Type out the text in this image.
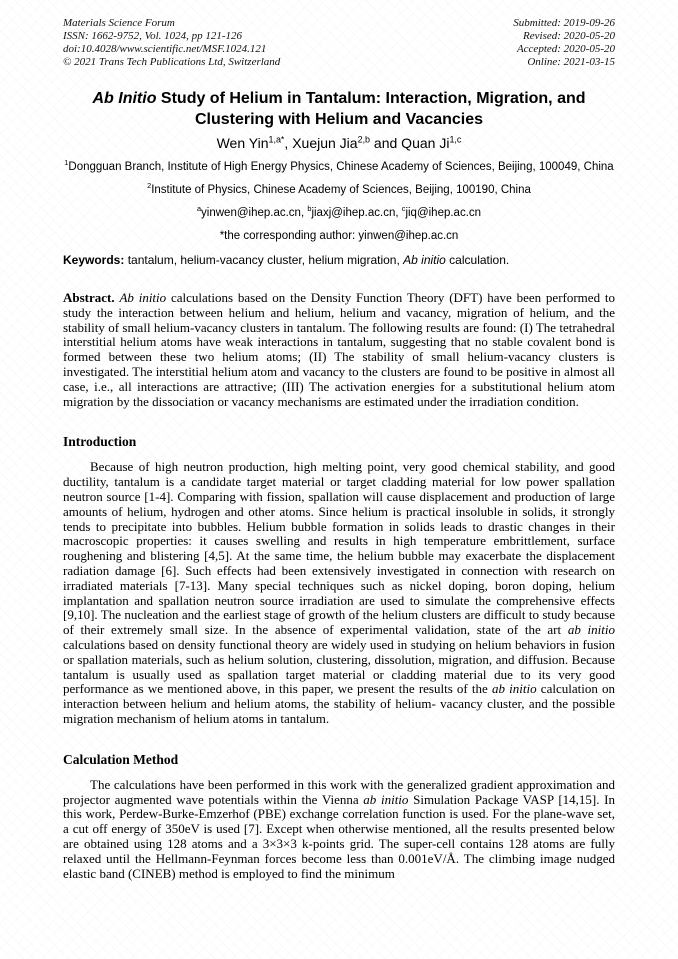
Materials Science Forum
ISSN: 1662-9752, Vol. 1024, pp 121-126
doi:10.4028/www.scientific.net/MSF.1024.121
© 2021 Trans Tech Publications Ltd, Switzerland
Submitted: 2019-09-26
Revised: 2020-05-20
Accepted: 2020-05-20
Online: 2021-03-15
Ab Initio Study of Helium in Tantalum: Interaction, Migration, and Clustering with Helium and Vacancies
Wen Yin$^{1,a*}$, Xuejun Jia$^{2,b}$ and Quan Ji$^{1,c}$
$^1$Dongguan Branch, Institute of High Energy Physics, Chinese Academy of Sciences, Beijing, 100049, China
$^2$Institute of Physics, Chinese Academy of Sciences, Beijing, 100190, China
$^a$yinwen@ihep.ac.cn, $^b$jiaxj@ihep.ac.cn, $^c$jiq@ihep.ac.cn
*the corresponding author: yinwen@ihep.ac.cn
Keywords: tantalum, helium-vacancy cluster, helium migration, Ab initio calculation.
Abstract. Ab initio calculations based on the Density Function Theory (DFT) have been performed to study the interaction between helium and helium, helium and vacancy, migration of helium, and the stability of small helium-vacancy clusters in tantalum. The following results are found: (I) The tetrahedral interstitial helium atoms have weak interactions in tantalum, suggesting that no stable covalent bond is formed between these two helium atoms; (II) The stability of small helium-vacancy clusters is investigated. The interstitial helium atom and vacancy to the clusters are found to be positive in almost all case, i.e., all interactions are attractive; (III) The activation energies for a substitutional helium atom migration by the dissociation or vacancy mechanisms are estimated under the irradiation condition.
Introduction
Because of high neutron production, high melting point, very good chemical stability, and good ductility, tantalum is a candidate target material or target cladding material for low power spallation neutron source [1-4]. Comparing with fission, spallation will cause displacement and production of large amounts of helium, hydrogen and other atoms. Since helium is practical insoluble in solids, it strongly tends to precipitate into bubbles. Helium bubble formation in solids leads to drastic changes in their macroscopic properties: it causes swelling and results in high temperature embrittlement, surface roughening and blistering [4,5]. At the same time, the helium bubble may exacerbate the displacement radiation damage [6]. Such effects had been extensively investigated in connection with research on irradiated materials [7-13]. Many special techniques such as nickel doping, boron doping, helium implantation and spallation neutron source irradiation are used to simulate the comprehensive effects [9,10]. The nucleation and the earliest stage of growth of the helium clusters are difficult to study because of their extremely small size. In the absence of experimental validation, state of the art ab initio calculations based on density functional theory are widely used in studying on helium behaviors in fusion or spallation materials, such as helium solution, clustering, dissolution, migration, and diffusion. Because tantalum is usually used as spallation target material or cladding material due to its very good performance as we mentioned above, in this paper, we present the results of the ab initio calculation on interaction between helium and helium atoms, the stability of helium- vacancy cluster, and the possible migration mechanism of helium atoms in tantalum.
Calculation Method
The calculations have been performed in this work with the generalized gradient approximation and projector augmented wave potentials within the Vienna ab initio Simulation Package VASP [14,15]. In this work, Perdew-Burke-Emzerhof (PBE) exchange correlation function is used. For the plane-wave set, a cut off energy of 350eV is used [7]. Except when otherwise mentioned, all the results presented below are obtained using 128 atoms and a 3×3×3 k-points grid. The super-cell contains 128 atoms are fully relaxed until the Hellmann-Feynman forces become less than 0.001eV/Å. The climbing image nudged elastic band (CINEB) method is employed to find the minimum
